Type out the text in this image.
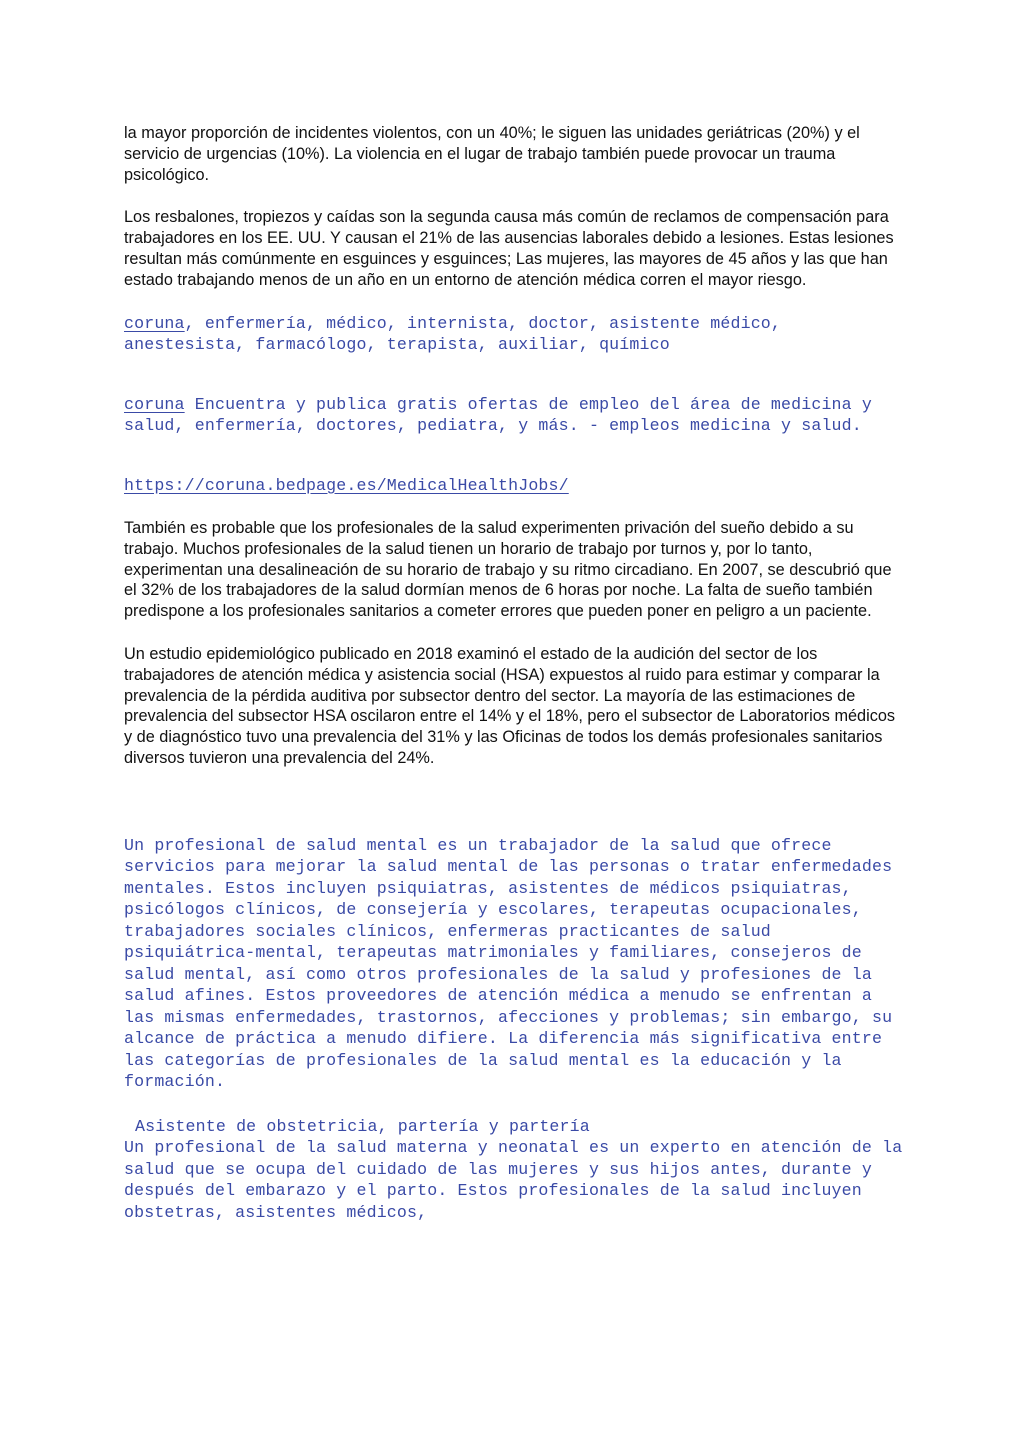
la mayor proporción de incidentes violentos, con un 40%; le siguen las unidades geriátricas (20%) y el servicio de urgencias (10%). La violencia en el lugar de trabajo también puede provocar un trauma psicológico.

Los resbalones, tropiezos y caídas son la segunda causa más común de reclamos de compensación para trabajadores en los EE. UU. Y causan el 21% de las ausencias laborales debido a lesiones. Estas lesiones resultan más comúnmente en esguinces y esguinces; Las mujeres, las mayores de 45 años y las que han estado trabajando menos de un año en un entorno de atención médica corren el mayor riesgo.

coruna, enfermería, médico, internista, doctor, asistente médico, anestesista, farmacólogo, terapista, auxiliar, químico

coruna Encuentra y publica gratis ofertas de empleo del área de medicina y salud, enfermería, doctores, pediatra, y más. - empleos medicina y salud.

https://coruna.bedpage.es/MedicalHealthJobs/

También es probable que los profesionales de la salud experimenten privación del sueño debido a su trabajo. Muchos profesionales de la salud tienen un horario de trabajo por turnos y, por lo tanto, experimentan una desalineación de su horario de trabajo y su ritmo circadiano. En 2007, se descubrió que el 32% de los trabajadores de la salud dormían menos de 6 horas por noche. La falta de sueño también predispone a los profesionales sanitarios a cometer errores que pueden poner en peligro a un paciente.

Un estudio epidemiológico publicado en 2018 examinó el estado de la audición del sector de los trabajadores de atención médica y asistencia social (HSA) expuestos al ruido para estimar y comparar la prevalencia de la pérdida auditiva por subsector dentro del sector. La mayoría de las estimaciones de prevalencia del subsector HSA oscilaron entre el 14% y el 18%, pero el subsector de Laboratorios médicos y de diagnóstico tuvo una prevalencia del 31% y las Oficinas de todos los demás profesionales sanitarios diversos tuvieron una prevalencia del 24%.

Un profesional de salud mental es un trabajador de la salud que ofrece servicios para mejorar la salud mental de las personas o tratar enfermedades mentales. Estos incluyen psiquiatras, asistentes de médicos psiquiatras, psicólogos clínicos, de consejería y escolares, terapeutas ocupacionales, trabajadores sociales clínicos, enfermeras practicantes de salud psiquiátrica-mental, terapeutas matrimoniales y familiares, consejeros de salud mental, así como otros profesionales de la salud y profesiones de la salud afines. Estos proveedores de atención médica a menudo se enfrentan a las mismas enfermedades, trastornos, afecciones y problemas; sin embargo, su alcance de práctica a menudo difiere. La diferencia más significativa entre las categorías de profesionales de la salud mental es la educación y la formación.

Asistente de obstetricia, partería y partería

Un profesional de la salud materna y neonatal es un experto en atención de la salud que se ocupa del cuidado de las mujeres y sus hijos antes, durante y después del embarazo y el parto. Estos profesionales de la salud incluyen obstetras, asistentes médicos,
